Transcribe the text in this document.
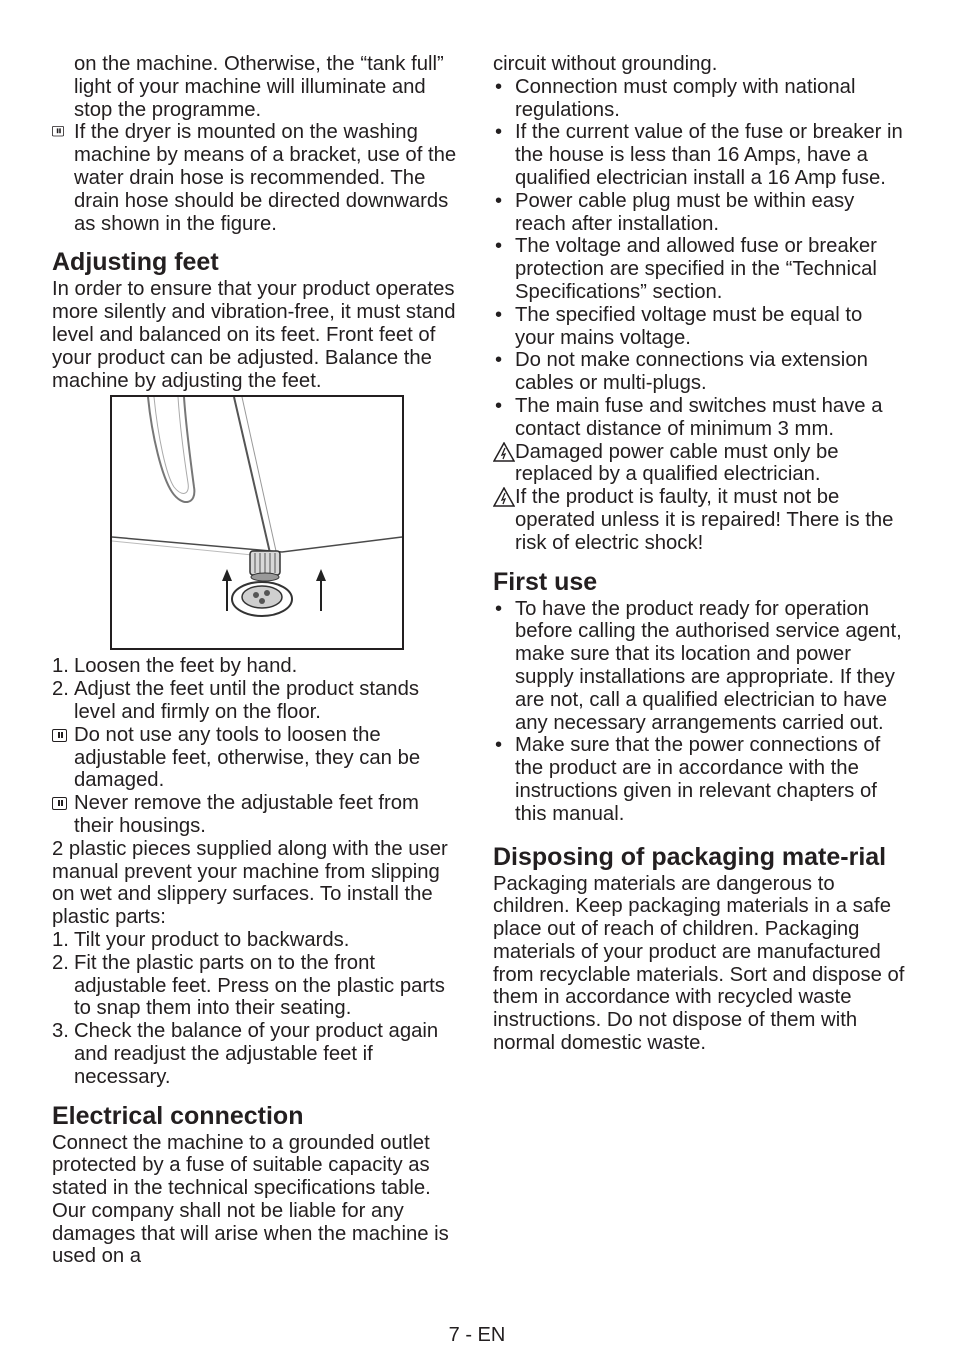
on the machine. Otherwise, the “tank full” light of your machine will illuminate and stop the programme.

If the dryer is mounted on the washing machine by means of a bracket, use of the water drain hose is recommended. The drain hose should be directed downwards as shown in the figure.
Adjusting feet

In order to ensure that your product operates more silently and vibration-free, it must stand level and balanced on its feet. Front feet of your product can be adjusted. Balance the machine by adjusting the feet.

1. Loosen the feet by hand.
2. Adjust the feet until the product stands level and firmly on the floor.
Do not use any tools to loosen the adjustable feet, otherwise, they can be damaged.
Never remove the adjustable feet from their housings.

2 plastic pieces supplied along with the user manual prevent your machine from slipping on wet and slippery surfaces. To install the plastic parts:

1. Tilt your product to backwards.
2. Fit the plastic parts on to the front adjustable feet. Press on the plastic parts to snap them into their seating.
3. Check the balance of your product again and readjust the adjustable feet if necessary.
Electrical connection

Connect the machine to a grounded outlet protected by a fuse of suitable capacity as stated in the technical specifications table. Our company shall not be liable for any damages that will arise when the machine is used on a

circuit without grounding.

• Connection must comply with national regulations.
• If the current value of the fuse or breaker in the house is less than 16 Amps, have a qualified electrician install a 16 Amp fuse.
• Power cable plug must be within easy reach after installation.
• The voltage and allowed fuse or breaker protection are specified in the “Technical Specifications” section.
• The specified voltage must be equal to your mains voltage.
• Do not make connections via extension cables or multi-plugs.
• The main fuse and switches must have a contact distance of minimum 3 mm.
Damaged power cable must only be replaced by a qualified electrician.
If the product is faulty, it must not be operated unless it is repaired! There is the risk of electric shock!
First use
• To have the product ready for operation before calling the authorised service agent, make sure that its location and power supply installations are appropriate. If they are not, call a qualified electrician to have any necessary arrangements carried out.
• Make sure that the power connections of the product are in accordance with the instructions given in relevant chapters of this manual.
Disposing of packaging mate-rial

Packaging materials are dangerous to children. Keep packaging materials in a safe place out of reach of children. Packaging materials of your product are manufactured from recyclable materials. Sort and dispose of them in accordance with recycled waste instructions. Do not dispose of them with normal domestic waste.

7 - EN
